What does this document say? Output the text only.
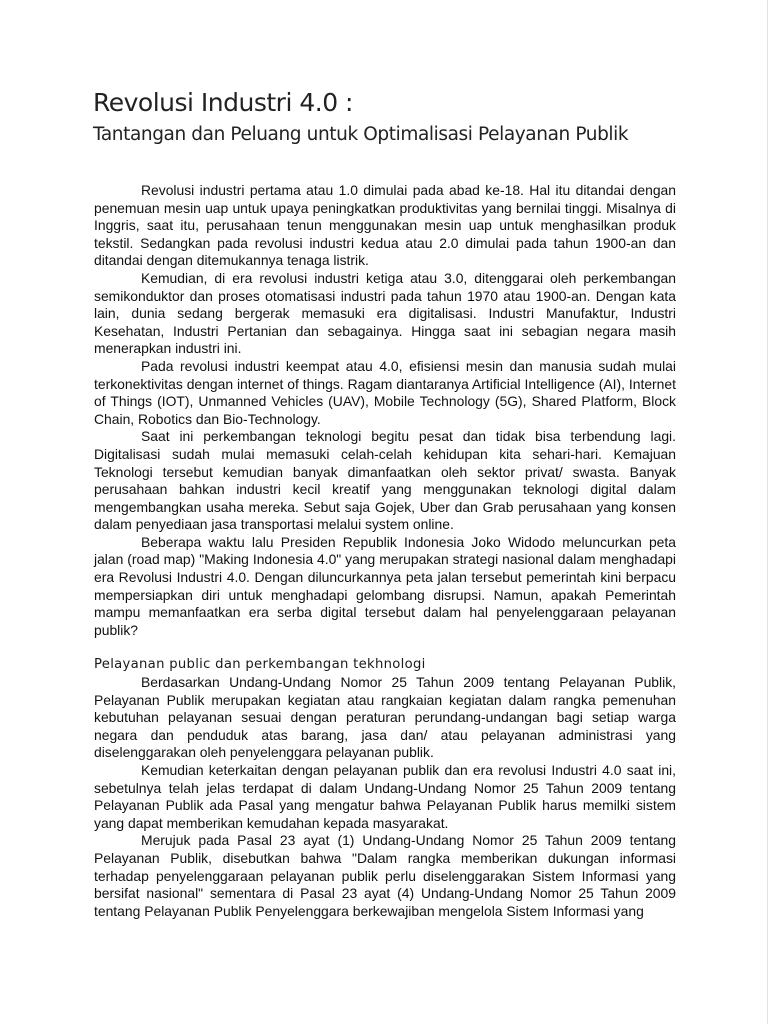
Revolusi Industri 4.0 :
Tantangan dan Peluang untuk Optimalisasi Pelayanan Publik

Revolusi industri pertama atau 1.0 dimulai pada abad ke-18. Hal itu ditandai dengan penemuan mesin uap untuk upaya peningkatkan produktivitas yang bernilai tinggi. Misalnya di Inggris, saat itu, perusahaan tenun menggunakan mesin uap untuk menghasilkan produk tekstil. Sedangkan pada revolusi industri kedua atau 2.0 dimulai pada tahun 1900-an dan ditandai dengan ditemukannya tenaga listrik.

Kemudian, di era revolusi industri ketiga atau 3.0, ditenggarai oleh perkembangan semikonduktor dan proses otomatisasi industri pada tahun 1970 atau 1900-an. Dengan kata lain, dunia sedang bergerak memasuki era digitalisasi. Industri Manufaktur, Industri Kesehatan, Industri Pertanian dan sebagainya. Hingga saat ini sebagian negara masih menerapkan industri ini.

Pada revolusi industri keempat atau 4.0, efisiensi mesin dan manusia sudah mulai terkonektivitas dengan internet of things. Ragam diantaranya Artificial Intelligence (AI), Internet of Things (IOT), Unmanned Vehicles (UAV), Mobile Technology (5G), Shared Platform, Block Chain, Robotics dan Bio-Technology.

Saat ini perkembangan teknologi begitu pesat dan tidak bisa terbendung lagi. Digitalisasi sudah mulai memasuki celah-celah kehidupan kita sehari-hari. Kemajuan Teknologi tersebut kemudian banyak dimanfaatkan oleh sektor privat/ swasta. Banyak perusahaan bahkan industri kecil kreatif yang menggunakan teknologi digital dalam mengembangkan usaha mereka. Sebut saja Gojek, Uber dan Grab perusahaan yang konsen dalam penyediaan jasa transportasi melalui system online.

Beberapa waktu lalu Presiden Republik Indonesia Joko Widodo meluncurkan peta jalan (road map) "Making Indonesia 4.0" yang merupakan strategi nasional dalam menghadapi era Revolusi Industri 4.0. Dengan diluncurkannya peta jalan tersebut pemerintah kini berpacu mempersiapkan diri untuk menghadapi gelombang disrupsi. Namun, apakah Pemerintah mampu memanfaatkan era serba digital tersebut dalam hal penyelenggaraan pelayanan publik?

Pelayanan public dan perkembangan tekhnologi

Berdasarkan Undang-Undang Nomor 25 Tahun 2009 tentang Pelayanan Publik, Pelayanan Publik merupakan kegiatan atau rangkaian kegiatan dalam rangka pemenuhan kebutuhan pelayanan sesuai dengan peraturan perundang-undangan bagi setiap warga negara dan penduduk atas barang, jasa dan/ atau pelayanan administrasi yang diselenggarakan oleh penyelenggara pelayanan publik.

Kemudian keterkaitan dengan pelayanan publik dan era revolusi Industri 4.0 saat ini, sebetulnya telah jelas terdapat di dalam Undang-Undang Nomor 25 Tahun 2009 tentang Pelayanan Publik ada Pasal yang mengatur bahwa Pelayanan Publik harus memilki sistem yang dapat memberikan kemudahan kepada masyarakat.

Merujuk pada Pasal 23 ayat (1) Undang-Undang Nomor 25 Tahun 2009 tentang Pelayanan Publik, disebutkan bahwa "Dalam rangka memberikan dukungan informasi terhadap penyelenggaraan pelayanan publik perlu diselenggarakan Sistem Informasi yang bersifat nasional" sementara di Pasal 23 ayat (4) Undang-Undang Nomor 25 Tahun 2009 tentang Pelayanan Publik Penyelenggara berkewajiban mengelola Sistem Informasi yang
